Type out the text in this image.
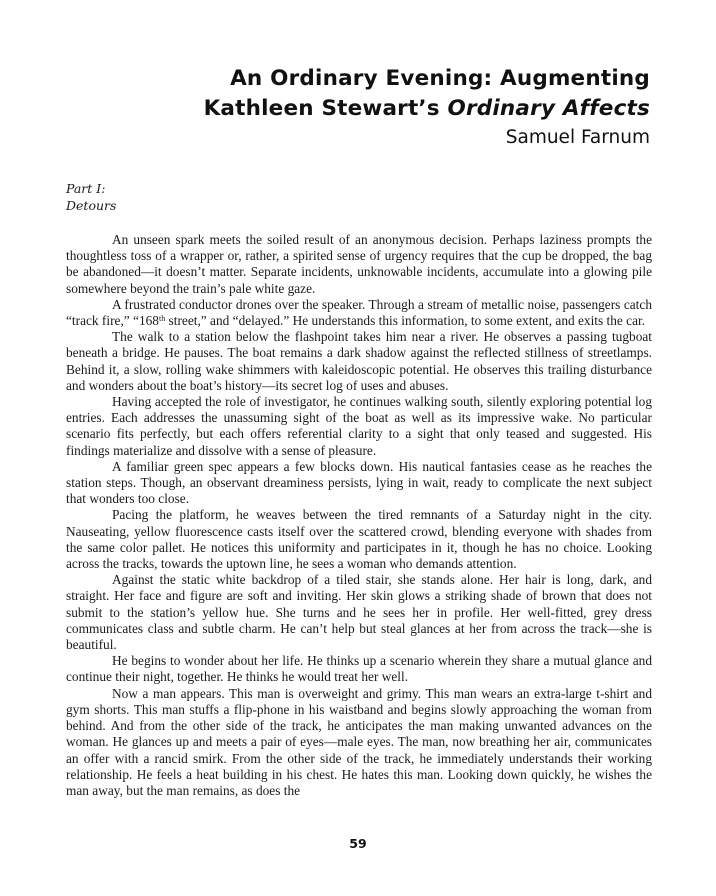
An Ordinary Evening: Augmenting
Kathleen Stewart’s Ordinary Affects
Samuel Farnum
Part I:
Detours

An unseen spark meets the soiled result of an anonymous decision. Perhaps laziness prompts the thoughtless toss of a wrapper or, rather, a spirited sense of urgency requires that the cup be dropped, the bag be abandoned—it doesn’t matter. Separate incidents, unknowable incidents, accumulate into a glowing pile somewhere beyond the train’s pale white gaze.

A frustrated conductor drones over the speaker. Through a stream of metallic noise, passengers catch “track fire,” “168th street,” and “delayed.” He understands this information, to some extent, and exits the car.

The walk to a station below the flashpoint takes him near a river. He observes a passing tugboat beneath a bridge. He pauses. The boat remains a dark shadow against the reflected stillness of streetlamps. Behind it, a slow, rolling wake shimmers with kaleidoscopic potential. He observes this trailing disturbance and wonders about the boat’s history—its secret log of uses and abuses.

Having accepted the role of investigator, he continues walking south, silently exploring potential log entries. Each addresses the unassuming sight of the boat as well as its impressive wake. No particular scenario fits perfectly, but each offers referential clarity to a sight that only teased and suggested. His findings materialize and dissolve with a sense of pleasure.

A familiar green spec appears a few blocks down. His nautical fantasies cease as he reaches the station steps. Though, an observant dreaminess persists, lying in wait, ready to complicate the next subject that wonders too close.

Pacing the platform, he weaves between the tired remnants of a Saturday night in the city. Nauseating, yellow fluorescence casts itself over the scattered crowd, blending everyone with shades from the same color pallet. He notices this uniformity and participates in it, though he has no choice. Looking across the tracks, towards the uptown line, he sees a woman who demands attention.

Against the static white backdrop of a tiled stair, she stands alone. Her hair is long, dark, and straight. Her face and figure are soft and inviting. Her skin glows a striking shade of brown that does not submit to the station’s yellow hue. She turns and he sees her in profile. Her well-fitted, grey dress communicates class and subtle charm. He can’t help but steal glances at her from across the track—she is beautiful.

He begins to wonder about her life. He thinks up a scenario wherein they share a mutual glance and continue their night, together. He thinks he would treat her well.

Now a man appears. This man is overweight and grimy. This man wears an extra-large t-shirt and gym shorts. This man stuffs a flip-phone in his waistband and begins slowly approaching the woman from behind. And from the other side of the track, he anticipates the man making unwanted advances on the woman. He glances up and meets a pair of eyes—male eyes. The man, now breathing her air, communicates an offer with a rancid smirk. From the other side of the track, he immediately understands their working relationship. He feels a heat building in his chest. He hates this man. Looking down quickly, he wishes the man away, but the man remains, as does the

59
